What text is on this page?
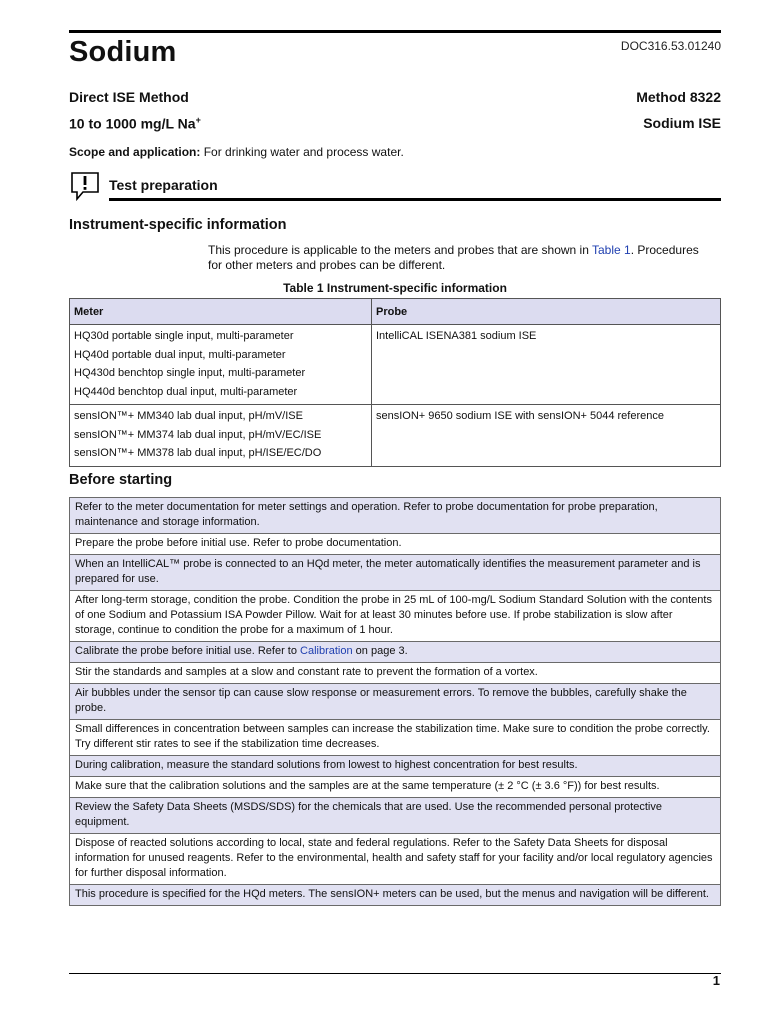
Sodium	DOC316.53.01240
Direct ISE Method	Method 8322
10 to 1000 mg/L Na+	Sodium ISE
Scope and application: For drinking water and process water.
Test preparation
Instrument-specific information
This procedure is applicable to the meters and probes that are shown in Table 1. Procedures for other meters and probes can be different.
Table 1 Instrument-specific information
Meter	Probe

HQ30d portable single input, multi-parameter
HQ40d portable dual input, multi-parameter
HQ430d benchtop single input, multi-parameter
HQ440d benchtop dual input, multi-parameter	IntelliCAL ISENA381 sodium ISE

sensION™+ MM340 lab dual input, pH/mV/ISE
sensION™+ MM374 lab dual input, pH/mV/EC/ISE
sensION™+ MM378 lab dual input, pH/ISE/EC/DO	sensION+ 9650 sodium ISE with sensION+ 5044 reference
Before starting
Refer to the meter documentation for meter settings and operation. Refer to probe documentation for probe preparation, maintenance and storage information.
Prepare the probe before initial use. Refer to probe documentation.
When an IntelliCAL™ probe is connected to an HQd meter, the meter automatically identifies the measurement parameter and is prepared for use.
After long-term storage, condition the probe. Condition the probe in 25 mL of 100-mg/L Sodium Standard Solution with the contents of one Sodium and Potassium ISA Powder Pillow. Wait for at least 30 minutes before use. If probe stabilization is slow after storage, continue to condition the probe for a maximum of 1 hour.
Calibrate the probe before initial use. Refer to Calibration on page 3.
Stir the standards and samples at a slow and constant rate to prevent the formation of a vortex.
Air bubbles under the sensor tip can cause slow response or measurement errors. To remove the bubbles, carefully shake the probe.
Small differences in concentration between samples can increase the stabilization time. Make sure to condition the probe correctly. Try different stir rates to see if the stabilization time decreases.
During calibration, measure the standard solutions from lowest to highest concentration for best results.
Make sure that the calibration solutions and the samples are at the same temperature (± 2 °C (± 3.6 °F)) for best results.
Review the Safety Data Sheets (MSDS/SDS) for the chemicals that are used. Use the recommended personal protective equipment.
Dispose of reacted solutions according to local, state and federal regulations. Refer to the Safety Data Sheets for disposal information for unused reagents. Refer to the environmental, health and safety staff for your facility and/or local regulatory agencies for further disposal information.
This procedure is specified for the HQd meters. The sensION+ meters can be used, but the menus and navigation will be different.
1
